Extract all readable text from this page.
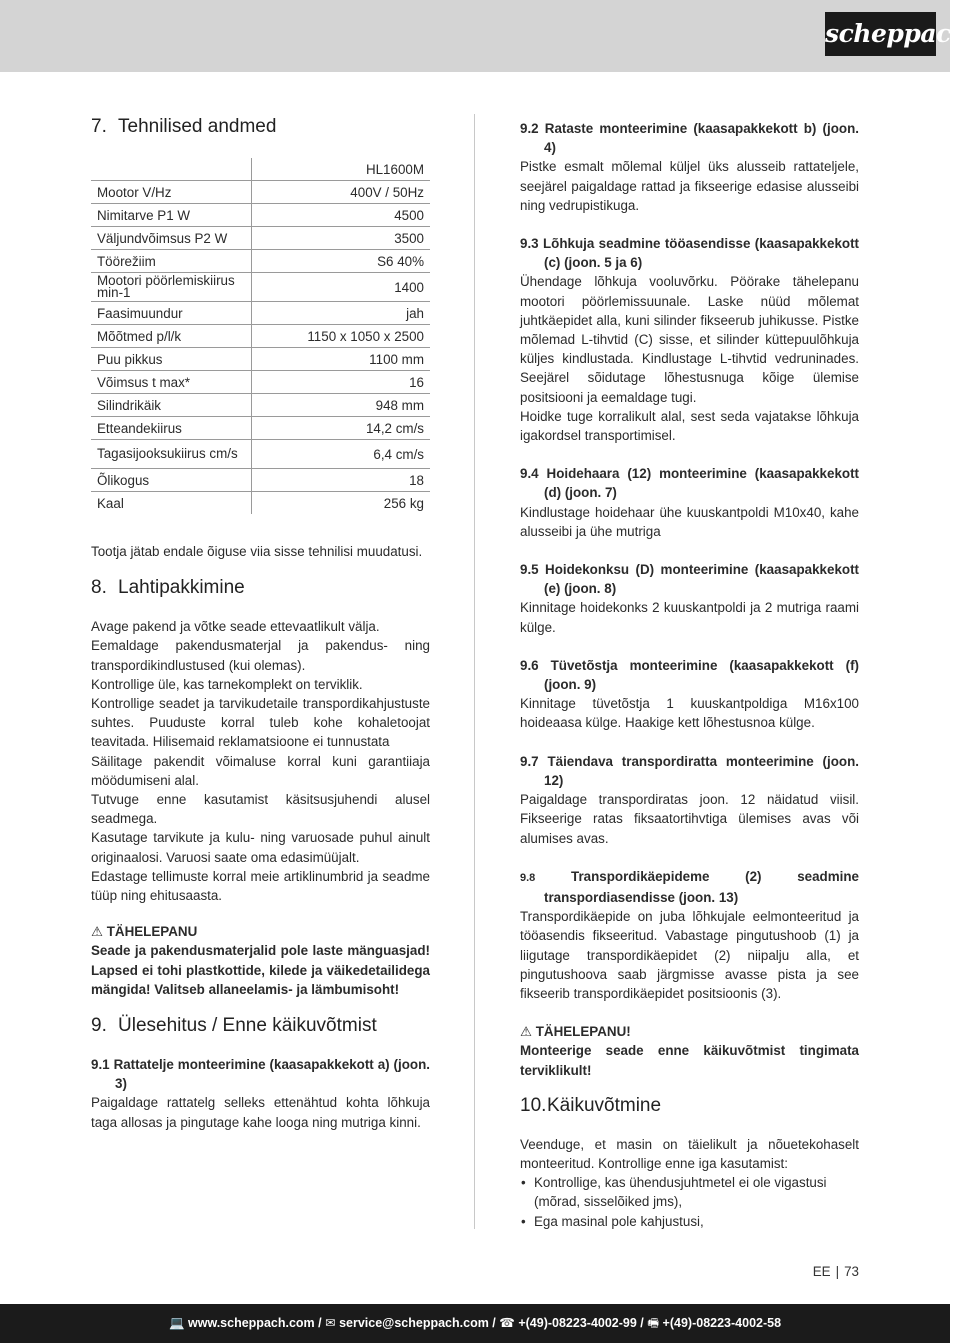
scheppach
7. Tehnilised andmed
	HL1600M
Mootor V/Hz	400V / 50Hz
Nimitarve P1 W	4500
Väljundvõimsus P2 W	3500
Töörežiim	S6 40%
Mootori pöörlemiskiirus min-1	1400
Faasimuundur	jah
Mõõtmed p/l/k	1150 x 1050 x 2500
Puu pikkus	1100 mm
Võimsus t max*	16
Silindrikäik	948 mm
Etteandekiirus	14,2 cm/s
Tagasijooksukiirus cm/s	6,4 cm/s
Õlikogus	18
Kaal	256 kg

Tootja jätab endale õiguse viia sisse tehnilisi muudatusi.

8. Lahtipakkimine

Avage pakend ja võtke seade ettevaatlikult välja.

Eemaldage pakendusmaterjal ja pakendus- ning transpordikindlustused (kui olemas).

Kontrollige üle, kas tarnekomplekt on terviklik.

Kontrollige seadet ja tarvikudetaile transpordikahjustuste suhtes. Puuduste korral tuleb kohe kohaletoojat teavitada. Hilisemaid reklamatsioone ei tunnustata

Säilitage pakendit võimaluse korral kuni garantiiaja möödumiseni alal.

Tutvuge enne kasutamist käsitsusjuhendi alusel seadmega.

Kasutage tarvikute ja kulu- ning varuosade puhul ainult originaalosi. Varuosi saate oma edasimüüjalt.

Edastage tellimuste korral meie artiklinumbrid ja seadme tüüp ning ehitusaasta.

⚠ TÄHELEPANU

Seade ja pakendusmaterjalid pole laste mänguasjad! Lapsed ei tohi plastkottide, kilede ja väikedetailidega mängida! Valitseb allaneelamis- ja lämbumisoht!

9. Ülesehitus / Enne käikuvõtmist

9.1 Rattatelje monteerimine (kaasapakkekott a) (joon. 3)

Paigaldage rattatelg selleks ettenähtud kohta lõhkuja taga allosas ja pingutage kahe looga ning mutriga kinni.

9.2 Rataste monteerimine (kaasapakkekott b) (joon. 4)

Pistke esmalt mõlemal küljel üks alusseib rattateljele, seejärel paigaldage rattad ja fikseerige edasise alusseibi ning vedrupistikuga.

9.3 Lõhkuja seadmine tööasendisse (kaasapakkekott (c) (joon. 5 ja 6)

Ühendage lõhkuja vooluvõrku. Pöörake tähelepanu mootori pöörlemissuunale. Laske nüüd mõlemat juhtkäepidet alla, kuni silinder fikseerub juhikusse. Pistke mõlemad L-tihvtid (C) sisse, et silinder küttepuulõhkuja küljes kindlustada. Kindlustage L-tihvtid vedruninades. Seejärel sõidutage lõhestusnuga kõige ülemise positsiooni ja eemaldage tugi.

Hoidke tuge korralikult alal, sest seda vajatakse lõhkuja igakordsel transportimisel.

9.4 Hoidehaara (12) monteerimine (kaasapakkekott (d) (joon. 7)

Kindlustage hoidehaar ühe kuuskantpoldi M10x40, kahe alusseibi ja ühe mutriga

9.5 Hoidekonksu (D) monteerimine (kaasapakkekott (e) (joon. 8)

Kinnitage hoidekonks 2 kuuskantpoldi ja 2 mutriga raami külge.

9.6 Tüvetõstja monteerimine (kaasapakkekott (f) (joon. 9)

Kinnitage tüvetõstja 1 kuuskantpoldiga M16x100 hoideaasa külge. Haakige kett lõhestusnoa külge.

9.7 Täiendava transpordiratta monteerimine (joon. 12)

Paigaldage transpordiratas joon. 12 näidatud viisil. Fikseerige ratas fiksaatortihvtiga ülemises avas või alumises avas.

9.8	Transpordikäepideme (2) seadmine transpordiasendisse (joon. 13)

Transpordikäepide on juba lõhkujale eelmonteeritud ja tööasendis fikseeritud. Vabastage pingutushoob (1) ja liigutage transpordikäepidet (2) niipalju alla, et pingutushoova saab järgmisse avasse pista ja see fikseerib transpordikäepidet positsioonis (3).

⚠ TÄHELEPANU!

Monteerige seade enne käikuvõtmist tingimata terviklikult!

10.Käikuvõtmine

Veenduge, et masin on täielikult ja nõuetekohaselt monteeritud. Kontrollige enne iga kasutamist:

• Kontrollige, kas ühendusjuhtmetel ei ole vigastusi (mõrad, sisselõiked jms),
• Ega masinal pole kahjustusi,
EE | 73
💻 www.scheppach.com / ✉ service@scheppach.com / ☎ +(49)-08223-4002-99 / 🖷 +(49)-08223-4002-58
